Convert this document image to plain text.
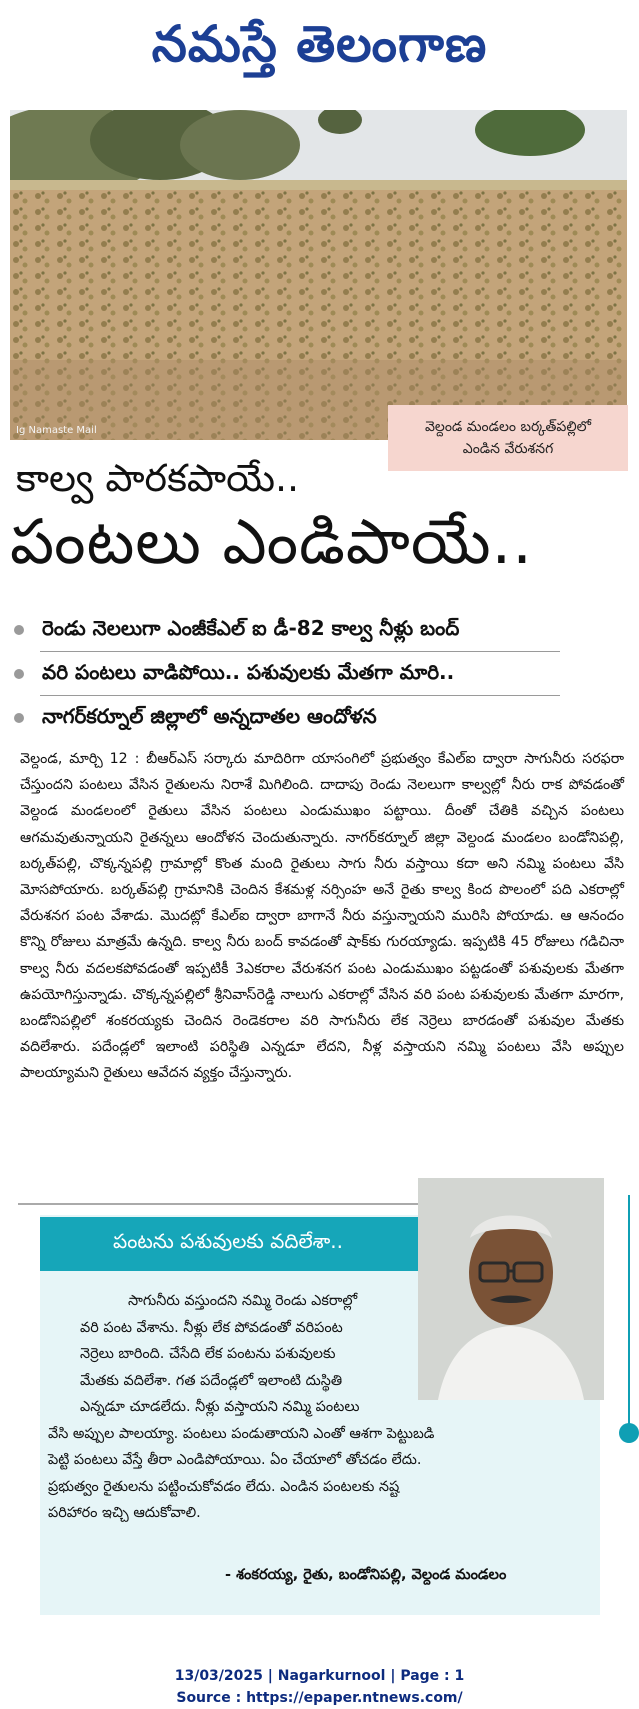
నమస్తే తెలంగాణ
Ig Namaste Mail	వెల్దండ మండలం బర్కత్‌పల్లిలో
ఎండిన వేరుశనగ
కాల్వ పారకపాయే..
పంటలు ఎండిపాయే..
రెండు నెలలుగా ఎంజీకేఎల్ ఐ డీ-82 కాల్వ నీళ్లు బంద్
వరి పంటలు వాడిపోయి.. పశువులకు మేతగా మారి..
నాగర్‌కర్నూల్ జిల్లాలో అన్నదాతల ఆందోళన

వెల్దండ, మార్చి 12 : బీఆర్‌ఎస్ సర్కారు మాదిరిగా యాసంగిలో ప్రభుత్వం కేఎల్ఐ ద్వారా సాగునీరు సరఫరా చేస్తుందని పంటలు వేసిన రైతులను నిరాశే మిగిలింది. దాదాపు రెండు నెలలుగా కాల్వల్లో నీరు రాక పోవడంతో వెల్దండ మండలంలో రైతులు వేసిన పంటలు ఎండుముఖం పట్టాయి. దీంతో చేతికి వచ్చిన పంటలు ఆగమవుతున్నాయని రైతన్నలు ఆందోళన చెందుతున్నారు. నాగర్‌కర్నూల్ జిల్లా వెల్దండ మండలం బండోనిపల్లి, బర్కత్‌పల్లి, చొక్కన్నపల్లి గ్రామాల్లో కొంత మంది రైతులు సాగు నీరు వస్తాయి కదా అని నమ్మి పంటలు వేసి మోసపోయారు. బర్కత్‌పల్లి గ్రామానికి చెందిన కేశమళ్ల నర్సింహ అనే రైతు కాల్వ కింద పొలంలో పది ఎకరాల్లో వేరుశనగ పంట వేశాడు. మొదట్లో కేఎల్ఐ ద్వారా బాగానే నీరు వస్తున్నాయని మురిసి పోయాడు. ఆ ఆనందం కొన్ని రోజులు మాత్రమే ఉన్నది. కాల్వ నీరు బంద్ కావడంతో షాక్‌కు గురయ్యాడు. ఇప్పటికి 45 రోజులు గడిచినా కాల్వ నీరు వదలకపోవడంతో ఇప్పటికీ 3ఎకరాల వేరుశనగ పంట ఎండుముఖం పట్టడంతో పశువులకు మేతగా ఉపయోగిస్తున్నాడు. చొక్కన్నపల్లిలో శ్రీనివాస్‌రెడ్డి నాలుగు ఎకరాల్లో వేసిన వరి పంట పశువులకు మేతగా మారగా, బండోనిపల్లిలో శంకరయ్యకు చెందిన రెండెకరాల వరి సాగునీరు లేక నెర్రెలు బారడంతో పశువుల మేతకు వదిలేశారు. పదేండ్లలో ఇలాంటి పరిస్థితి ఎన్నడూ లేదని, నీళ్ల వస్తాయని నమ్మి పంటలు వేసి అప్పుల పాలయ్యామని రైతులు ఆవేదన వ్యక్తం చేస్తున్నారు.

పంటను పశువులకు వదిలేశా..
సాగునీరు వస్తుందని నమ్మి రెండు ఎకరాల్లో
వరి పంట వేశాను. నీళ్లు లేక పోవడంతో వరిపంట
నెర్రెలు బారింది. చేసేది లేక పంటను పశువులకు
మేతకు వదిలేశా. గత పదేండ్లలో ఇలాంటి దుస్థితి
ఎన్నడూ చూడలేదు. నీళ్లు వస్తాయని నమ్మి పంటలు
వేసి అప్పుల పాలయ్యా. పంటలు పండుతాయని ఎంతో ఆశగా పెట్టుబడి
పెట్టి పంటలు వేస్తే తీరా ఎండిపోయాయి. ఏం చేయాలో తోచడం లేదు.
ప్రభుత్వం రైతులను పట్టించుకోవడం లేదు. ఎండిన పంటలకు నష్ట
పరిహారం ఇచ్చి ఆదుకోవాలి.
- శంకరయ్య, రైతు, బండోనిపల్లి, వెల్దండ మండలం
13/03/2025 | Nagarkurnool | Page : 1
Source : https://epaper.ntnews.com/
